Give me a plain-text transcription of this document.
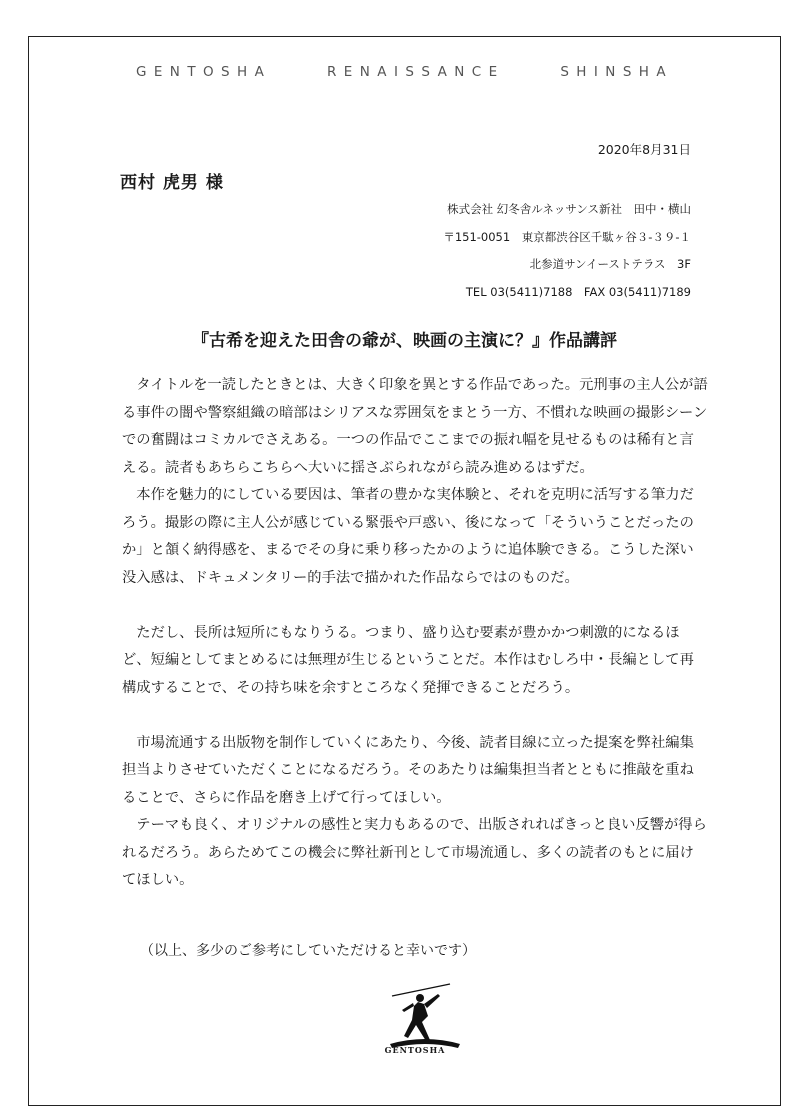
GENTOSHA	RENAISSANCE	SHINSHA
2020年8月31日
西村 虎男 様
株式会社 幻冬舎ルネッサンス新社　田中・横山
〒151-0051　東京都渋谷区千駄ヶ谷３-３９-１
北参道サンイーストテラス　3F
TEL 03(5411)7188　FAX 03(5411)7189
『古希を迎えた田舎の爺が、映画の主演に？』作品講評

タイトルを一読したときとは、大きく印象を異とする作品であった。元刑事の主人公が語る事件の闇や警察組織の暗部はシリアスな雰囲気をまとう一方、不慣れな映画の撮影シーンでの奮闘はコミカルでさえある。一つの作品でここまでの振れ幅を見せるものは稀有と言える。読者もあちらこちらへ大いに揺さぶられながら読み進めるはずだ。

本作を魅力的にしている要因は、筆者の豊かな実体験と、それを克明に活写する筆力だろう。撮影の際に主人公が感じている緊張や戸惑い、後になって「そういうことだったのか」と頷く納得感を、まるでその身に乗り移ったかのように追体験できる。こうした深い没入感は、ドキュメンタリー的手法で描かれた作品ならではのものだ。

ただし、長所は短所にもなりうる。つまり、盛り込む要素が豊かかつ刺激的になるほど、短編としてまとめるには無理が生じるということだ。本作はむしろ中・長編として再構成することで、その持ち味を余すところなく発揮できることだろう。

市場流通する出版物を制作していくにあたり、今後、読者目線に立った提案を弊社編集担当よりさせていただくことになるだろう。そのあたりは編集担当者とともに推敲を重ねることで、さらに作品を磨き上げて行ってほしい。

テーマも良く、オリジナルの感性と実力もあるので、出版されればきっと良い反響が得られるだろう。あらためてこの機会に弊社新刊として市場流通し、多くの読者のもとに届けてほしい。

（以上、多少のご参考にしていただけると幸いです）
GENTOSHA
